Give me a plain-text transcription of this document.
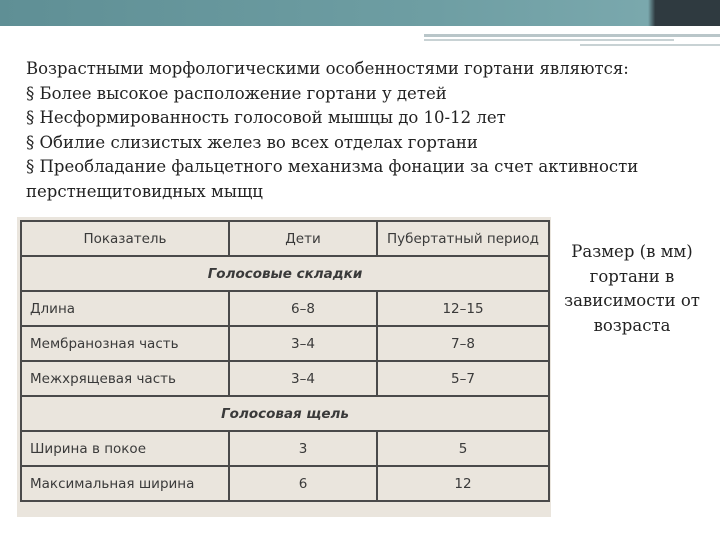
Возрастными морфологическими особенностями гортани являются:

§ Более высокое расположение гортани у детей

§ Несформированность голосовой мышцы до 10-12 лет

§ Обилие слизистых желез во всех отделах гортани

§ Преобладание фальцетного механизма фонации за счет активности перстнещитовидных мыщц

Показатель	Дети	Пубертатный период
Голосовые складки		
Длина	6–8	12–15
Мембранозная часть	3–4	7–8
Межхрящевая часть	3–4	5–7
Голосовая щель		
Ширина в покое	3	5
Максимальная ширина	6	12
Размер (в мм) гортани в зависимости от возраста
